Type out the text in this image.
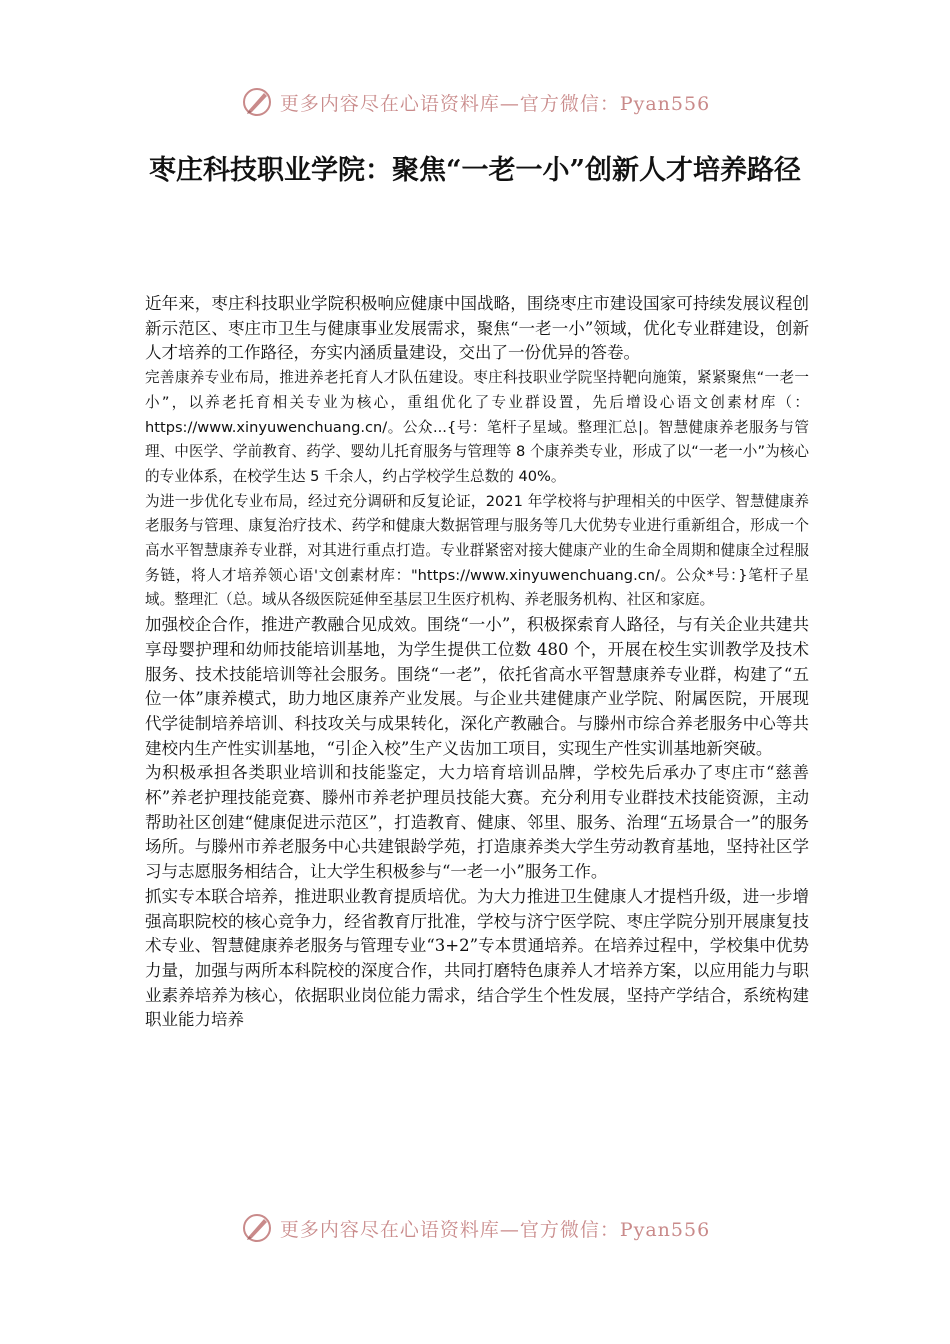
更多内容尽在心语资料库—官方微信：Pyan556
枣庄科技职业学院：聚焦“一老一小”创新人才培养路径

近年来，枣庄科技职业学院积极响应健康中国战略，围绕枣庄市建设国家可持续发展议程创新示范区、枣庄市卫生与健康事业发展需求，聚焦“一老一小”领域，优化专业群建设，创新人才培养的工作路径，夯实内涵质量建设，交出了一份优异的答卷。

完善康养专业布局，推进养老托育人才队伍建设。枣庄科技职业学院坚持靶向施策，紧紧聚焦“一老一小”，以养老托育相关专业为核心，重组优化了专业群设置，先后增设心语文创素材库（：https://www.xinyuwenchuang.cn/。公众...{号：笔杆子星域。整理汇总|。智慧健康养老服务与管理、中医学、学前教育、药学、婴幼儿托育服务与管理等 8 个康养类专业，形成了以“一老一小”为核心的专业体系，在校学生达 5 千余人，约占学校学生总数的 40%。

为进一步优化专业布局，经过充分调研和反复论证，2021 年学校将与护理相关的中医学、智慧健康养老服务与管理、康复治疗技术、药学和健康大数据管理与服务等几大优势专业进行重新组合，形成一个高水平智慧康养专业群，对其进行重点打造。专业群紧密对接大健康产业的生命全周期和健康全过程服务链，将人才培养领心语'文创素材库："https://www.xinyuwenchuang.cn/。公众*号：}笔杆子星域。整理汇（总。域从各级医院延伸至基层卫生医疗机构、养老服务机构、社区和家庭。

加强校企合作，推进产教融合见成效。围绕“一小”，积极探索育人路径，与有关企业共建共享母婴护理和幼师技能培训基地，为学生提供工位数 480 个，开展在校生实训教学及技术服务、技术技能培训等社会服务。围绕“一老”，依托省高水平智慧康养专业群，构建了“五位一体”康养模式，助力地区康养产业发展。与企业共建健康产业学院、附属医院，开展现代学徒制培养培训、科技攻关与成果转化，深化产教融合。与滕州市综合养老服务中心等共建校内生产性实训基地，“引企入校”生产义齿加工项目，实现生产性实训基地新突破。

为积极承担各类职业培训和技能鉴定，大力培育培训品牌，学校先后承办了枣庄市“慈善杯”养老护理技能竞赛、滕州市养老护理员技能大赛。充分利用专业群技术技能资源，主动帮助社区创建“健康促进示范区”，打造教育、健康、邻里、服务、治理“五场景合一”的服务场所。与滕州市养老服务中心共建银龄学苑，打造康养类大学生劳动教育基地，坚持社区学习与志愿服务相结合，让大学生积极参与“一老一小”服务工作。

抓实专本联合培养，推进职业教育提质培优。为大力推进卫生健康人才提档升级，进一步增强高职院校的核心竞争力，经省教育厅批准，学校与济宁医学院、枣庄学院分别开展康复技术专业、智慧健康养老服务与管理专业“3+2”专本贯通培养。在培养过程中，学校集中优势力量，加强与两所本科院校的深度合作，共同打磨特色康养人才培养方案，以应用能力与职业素养培养为核心，依据职业岗位能力需求，结合学生个性发展，坚持产学结合，系统构建职业能力培养

更多内容尽在心语资料库—官方微信：Pyan556
